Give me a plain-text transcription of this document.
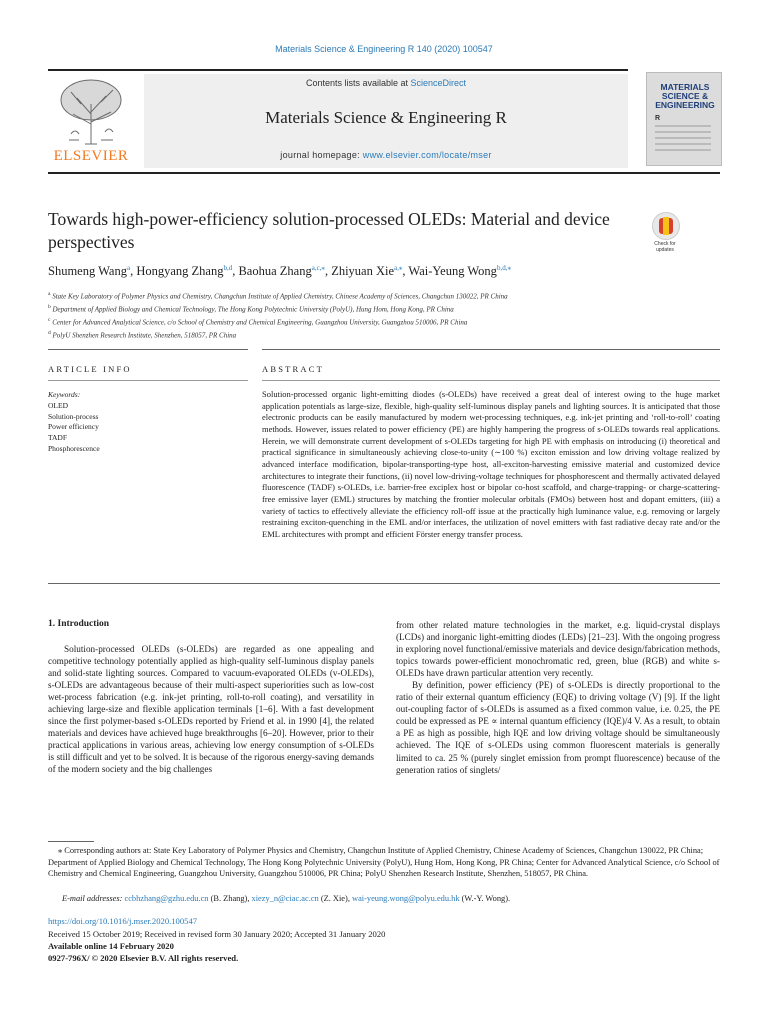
Materials Science & Engineering R 140 (2020) 100547
ELSEVIER
Contents lists available at ScienceDirect
Materials Science & Engineering R
journal homepage: www.elsevier.com/locate/mser
MATERIALS SCIENCE & ENGINEERING
R
Towards high-power-efficiency solution-processed OLEDs: Material and device perspectives	Check for updates
Shumeng Wang$^a$, Hongyang Zhang$^{b,d}$, Baohua Zhang$^{a,c,⁎}$, Zhiyuan Xie$^{a,⁎}$, Wai-Yeung Wong$^{b,d,⁎}$
$^a$ State Key Laboratory of Polymer Physics and Chemistry, Changchun Institute of Applied Chemistry, Chinese Academy of Sciences, Changchun 130022, PR China
$^b$ Department of Applied Biology and Chemical Technology, The Hong Kong Polytechnic University (PolyU), Hung Hom, Hong Kong, PR China
$^c$ Center for Advanced Analytical Science, c/o School of Chemistry and Chemical Engineering, Guangzhou University, Guangzhou 510006, PR China
$^d$ PolyU Shenzhen Research Institute, Shenzhen, 518057, PR China
ARTICLE INFO	ABSTRACT
Keywords:
OLED
Solution-process
Power efficiency
TADF
Phosphorescence
Solution-processed organic light-emitting diodes (s-OLEDs) have received a great deal of interest owing to the huge market application potentials as large-size, flexible, high-quality self-luminous display panels and lighting sources. It is anticipated that those electronic products can be easily manufactured by modern wet-processing techniques, e.g. ink-jet printing and ‘roll-to-roll’ coating methods. However, issues related to power efficiency (PE) are highly hampering the progress of s-OLEDs towards real applications. Herein, we will demonstrate current development of s-OLEDs targeting for high PE with emphasis on introducing (i) theoretical and practical significance in simultaneously achieving close-to-unity (∼100 %) exciton emission and low driving voltage realized by advanced interface modification, bipolar-transporting-type host, all-exciton-harvesting emissive material and customized device architectures to integrate their functions, (ii) novel low-driving-voltage techniques for phosphorescent and thermally activated delayed fluorescence (TADF) s-OLEDs, i.e. barrier-free exciplex host or bipolar co-host scaffold, and charge-trapping- or charge-scattering-free emissive layer (EML) structures by matching the frontier molecular orbitals (FMOs) between host and dopant emitters, (iii) a variety of tactics to effectively alleviate the efficiency roll-off issue at the practically high luminance value, e.g. removing or largely restraining exciton-quenching in the EML and/or interfaces, the utilization of novel emitters with fast radiative decay rate and/or the EML architectures with prompt and efficient Förster energy transfer process.
1. Introduction

Solution-processed OLEDs (s-OLEDs) are regarded as one appealing and competitive technology potentially applied as high-quality self-luminous display panels and solid-state lighting sources. Compared to vacuum-evaporated OLEDs (v-OLEDs), s-OLEDs are advantageous because of their multi-aspect superiorities such as low-cost wet-process fabrication (e.g. ink-jet printing, roll-to-roll coating), and versatility in achieving large-size and flexible application terminals [1–6]. With a fast development since the first polymer-based s-OLEDs reported by Friend et al. in 1990 [4], the related materials and devices have achieved huge breakthroughs [6–20]. However, prior to their practical applications in various areas, achieving low energy consumption of s-OLEDs is still difficult and yet to be solved. It is because of the rigorous energy-saving demands of the modern society and the big challenges

from other related mature technologies in the market, e.g. liquid-crystal displays (LCDs) and inorganic light-emitting diodes (LEDs) [21–23]. With the ongoing progress in exploring novel functional/emissive materials and device design/fabrication methods, topics towards power-efficient monochromatic red, green, blue (RGB) and white s-OLEDs have drawn particular attention very recently.

By definition, power efficiency (PE) of s-OLEDs is directly proportional to the ratio of their external quantum efficiency (EQE) to driving voltage (V) [9]. If the light out-coupling factor of s-OLEDs is assumed as a fixed common value, i.e. 0.25, the PE could be expressed as PE ∝ internal quantum efficiency (IQE)/4 V. As a result, to obtain a PE as high as possible, high IQE and low driving voltage should be simultaneously achieved. The IQE of s-OLEDs using common fluorescent materials is generally limited to ca. 25 % (purely singlet emission from prompt fluorescence) because of the generation ratios of singlets/

⁎ Corresponding authors at: State Key Laboratory of Polymer Physics and Chemistry, Changchun Institute of Applied Chemistry, Chinese Academy of Sciences, Changchun 130022, PR China; Department of Applied Biology and Chemical Technology, The Hong Kong Polytechnic University (PolyU), Hung Hom, Hong Kong, PR China; Center for Advanced Analytical Science, c/o School of Chemistry and Chemical Engineering, Guangzhou University, Guangzhou 510006, PR China; PolyU Shenzhen Research Institute, Shenzhen, 518057, PR China.
E-mail addresses: ccbhzhang@gzhu.edu.cn (B. Zhang), xiezy_n@ciac.ac.cn (Z. Xie), wai-yeung.wong@polyu.edu.hk (W.-Y. Wong).
https://doi.org/10.1016/j.mser.2020.100547
Received 15 October 2019; Received in revised form 30 January 2020; Accepted 31 January 2020
Available online 14 February 2020
0927-796X/ © 2020 Elsevier B.V. All rights reserved.
